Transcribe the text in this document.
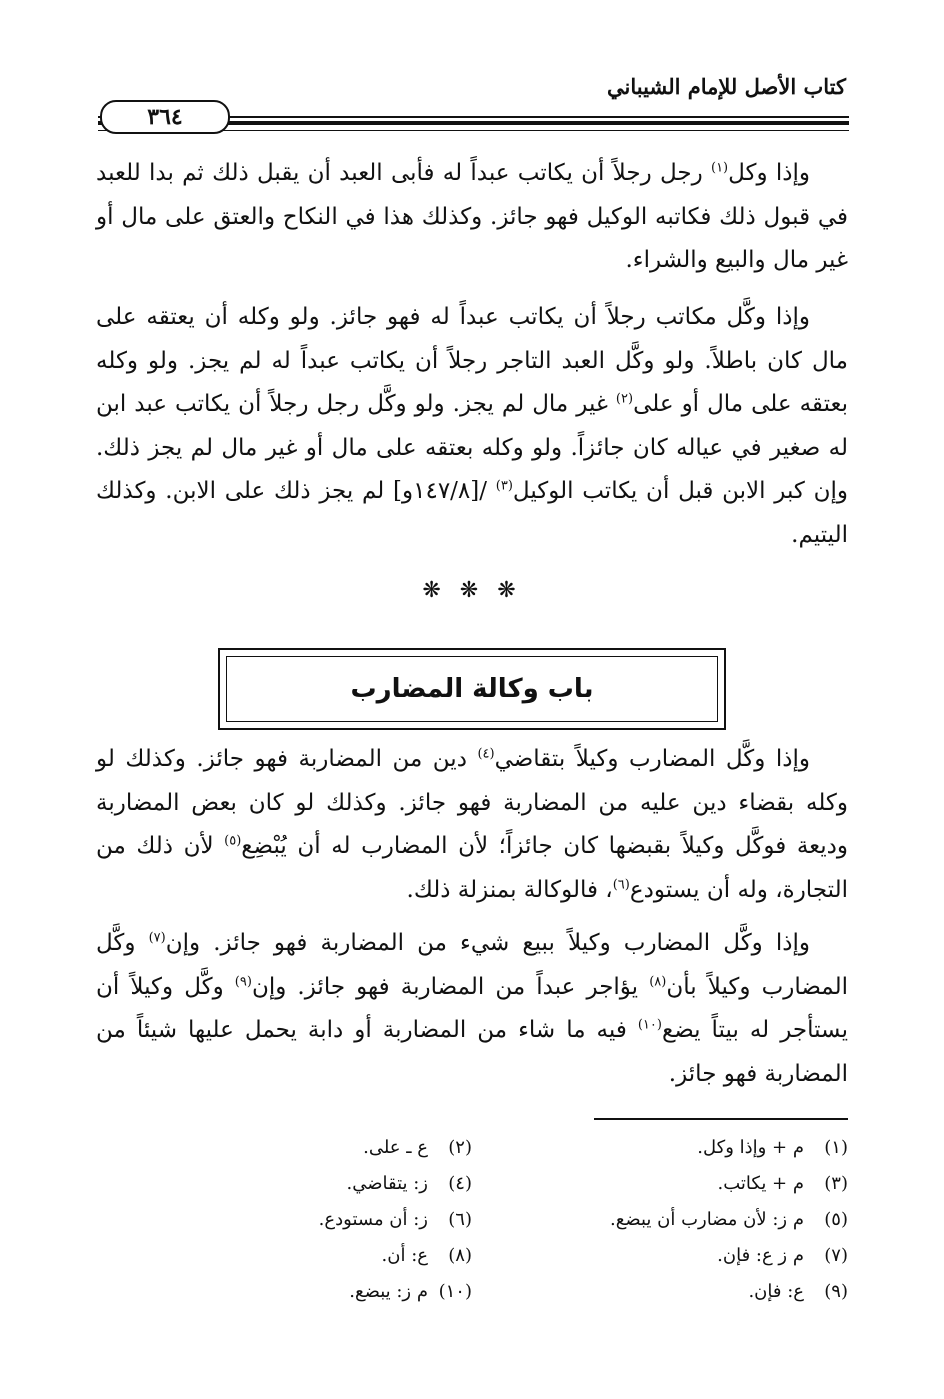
كتاب الأصل للإمام الشيباني
٣٦٤

وإذا وكل$^{(١)}$ رجل رجلاً أن يكاتب عبداً له فأبى العبد أن يقبل ذلك ثم بدا للعبد في قبول ذلك فكاتبه الوكيل فهو جائز. وكذلك هذا في النكاح والعتق على مال أو غير مال والبيع والشراء.

وإذا وكَّل مكاتب رجلاً أن يكاتب عبداً له فهو جائز. ولو وكله أن يعتقه على مال كان باطلاً. ولو وكَّل العبد التاجر رجلاً أن يكاتب عبداً له لم يجز. ولو وكله بعتقه على مال أو على$^{(٢)}$ غير مال لم يجز. ولو وكَّل رجل رجلاً أن يكاتب عبد ابن له صغير في عياله كان جائزاً. ولو وكله بعتقه على مال أو غير مال لم يجز ذلك. وإن كبر الابن قبل أن يكاتب الوكيل$^{(٣)}$ /[١٤٧/٨و] لم يجز ذلك على الابن. وكذلك اليتيم.

❋ ❋ ❋
باب وكالة المضارب

وإذا وكَّل المضارب وكيلاً بتقاضي$^{(٤)}$ دين من المضاربة فهو جائز. وكذلك لو وكله بقضاء دين عليه من المضاربة فهو جائز. وكذلك لو كان بعض المضاربة وديعة فوكَّل وكيلاً بقبضها كان جائزاً؛ لأن المضارب له أن يُبْضِع$^{(٥)}$ لأن ذلك من التجارة، وله أن يستودع$^{(٦)}$، فالوكالة بمنزلة ذلك.

وإذا وكَّل المضارب وكيلاً ببيع شيء من المضاربة فهو جائز. وإن$^{(٧)}$ وكَّل المضارب وكيلاً بأن$^{(٨)}$ يؤاجر عبداً من المضاربة فهو جائز. وإن$^{(٩)}$ وكَّل وكيلاً أن يستأجر له بيتاً يضع$^{(١٠)}$ فيه ما شاء من المضاربة أو دابة يحمل عليها شيئاً من المضاربة فهو جائز.

(١)م + وإذا وكل.
(٢)ع ـ على.
(٣)م + يكاتب.
(٤)ز: يتقاضي.
(٥)م ز: لأن مضارب أن يبضع.
(٦)ز: أن مستودع.
(٧)م ز ع: فإن.
(٨)ع: أن.
(٩)ع: فإن.
(١٠)م ز: يبضع.
